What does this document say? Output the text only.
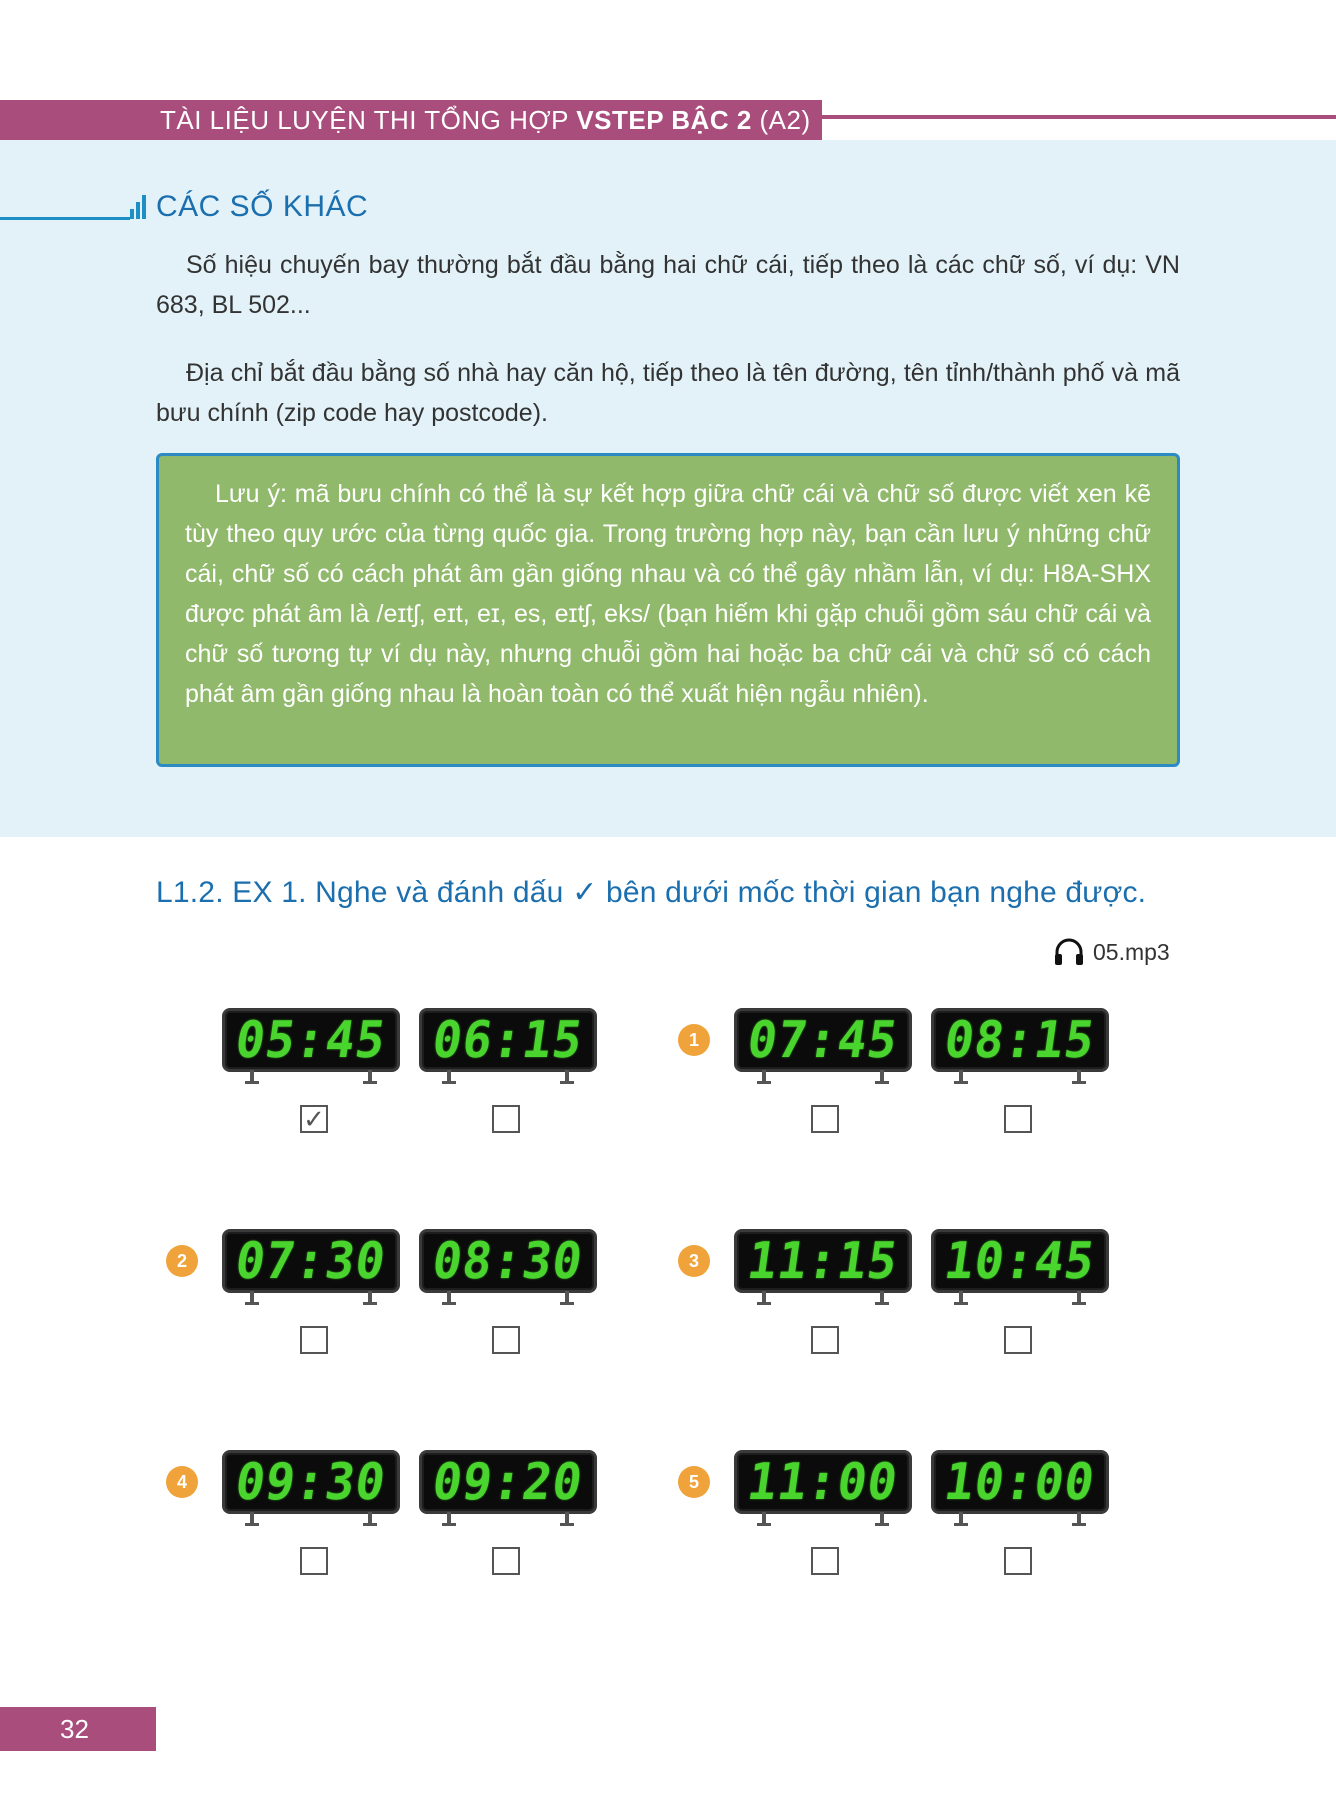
TÀI LIỆU LUYỆN THI TỔNG HỢP VSTEP BẬC 2 (A2)
CÁC SỐ KHÁC
Số hiệu chuyến bay thường bắt đầu bằng hai chữ cái, tiếp theo là các chữ số, ví dụ: VN 683, BL 502...
Địa chỉ bắt đầu bằng số nhà hay căn hộ, tiếp theo là tên đường, tên tỉnh/thành phố và mã bưu chính (zip code hay postcode).
Lưu ý: mã bưu chính có thể là sự kết hợp giữa chữ cái và chữ số được viết xen kẽ tùy theo quy ước của từng quốc gia. Trong trường hợp này, bạn cần lưu ý những chữ cái, chữ số có cách phát âm gần giống nhau và có thể gây nhầm lẫn, ví dụ: H8A-SHX được phát âm là /eɪtʃ, eɪt, eɪ, es, eɪtʃ, eks/ (bạn hiếm khi gặp chuỗi gồm sáu chữ cái và chữ số tương tự ví dụ này, nhưng chuỗi gồm hai hoặc ba chữ cái và chữ số có cách phát âm gần giống nhau là hoàn toàn có thể xuất hiện ngẫu nhiên).
L1.2. EX 1. Nghe và đánh dấu ✓ bên dưới mốc thời gian bạn nghe được.
05.mp3
05:45 06:15
✓
1 07:45 08:15
2 07:30 08:30	3 11:15 10:45
4 09:30 09:20	5 11:00 10:00
32
